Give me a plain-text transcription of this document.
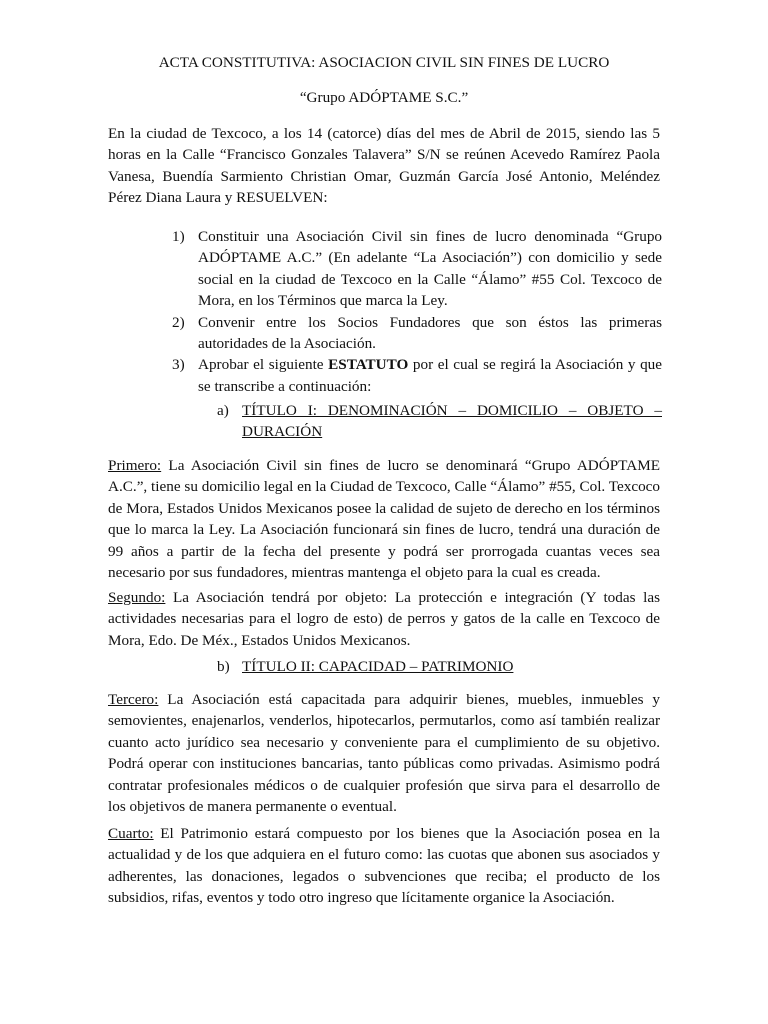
ACTA CONSTITUTIVA: ASOCIACION CIVIL SIN FINES DE LUCRO
“Grupo ADÓPTAME S.C.”

En la ciudad de Texcoco, a los 14 (catorce) días del mes de Abril de 2015, siendo las 5 horas en la Calle “Francisco Gonzales Talavera” S/N se reúnen Acevedo Ramírez Paola Vanesa, Buendía Sarmiento Christian Omar, Guzmán García José Antonio, Meléndez Pérez Diana Laura y RESUELVEN:

1) Constituir una Asociación Civil sin fines de lucro denominada “Grupo ADÓPTAME A.C.” (En adelante “La Asociación”) con domicilio y sede social en la ciudad de Texcoco en la Calle “Álamo” #55 Col. Texcoco de Mora, en los Términos que marca la Ley.
2) Convenir entre los Socios Fundadores que son éstos las primeras autoridades de la Asociación.
3) Aprobar el siguiente ESTATUTO por el cual se regirá la Asociación y que se transcribe a continuación:
a) TÍTULO I: DENOMINACIÓN – DOMICILIO – OBJETO –
DURACIÓN

Primero: La Asociación Civil sin fines de lucro se denominará “Grupo ADÓPTAME A.C.”, tiene su domicilio legal en la Ciudad de Texcoco, Calle “Álamo” #55, Col. Texcoco de Mora, Estados Unidos Mexicanos posee la calidad de sujeto de derecho en los términos que lo marca la Ley. La Asociación funcionará sin fines de lucro, tendrá una duración de 99 años a partir de la fecha del presente y podrá ser prorrogada cuantas veces sea necesario por sus fundadores, mientras mantenga el objeto para la cual es creada.

Segundo: La Asociación tendrá por objeto: La protección e integración (Y todas las actividades necesarias para el logro de esto) de perros y gatos de la calle en Texcoco de Mora, Edo. De Méx., Estados Unidos Mexicanos.

b) TÍTULO II: CAPACIDAD – PATRIMONIO

Tercero: La Asociación está capacitada para adquirir bienes, muebles, inmuebles y semovientes, enajenarlos, venderlos, hipotecarlos, permutarlos, como así también realizar cuanto acto jurídico sea necesario y conveniente para el cumplimiento de su objetivo. Podrá operar con instituciones bancarias, tanto públicas como privadas. Asimismo podrá contratar profesionales médicos o de cualquier profesión que sirva para el desarrollo de los objetivos de manera permanente o eventual.

Cuarto: El Patrimonio estará compuesto por los bienes que la Asociación posea en la actualidad y de los que adquiera en el futuro como: las cuotas que abonen sus asociados y adherentes, las donaciones, legados o subvenciones que reciba; el producto de los subsidios, rifas, eventos y todo otro ingreso que lícitamente organice la Asociación.
